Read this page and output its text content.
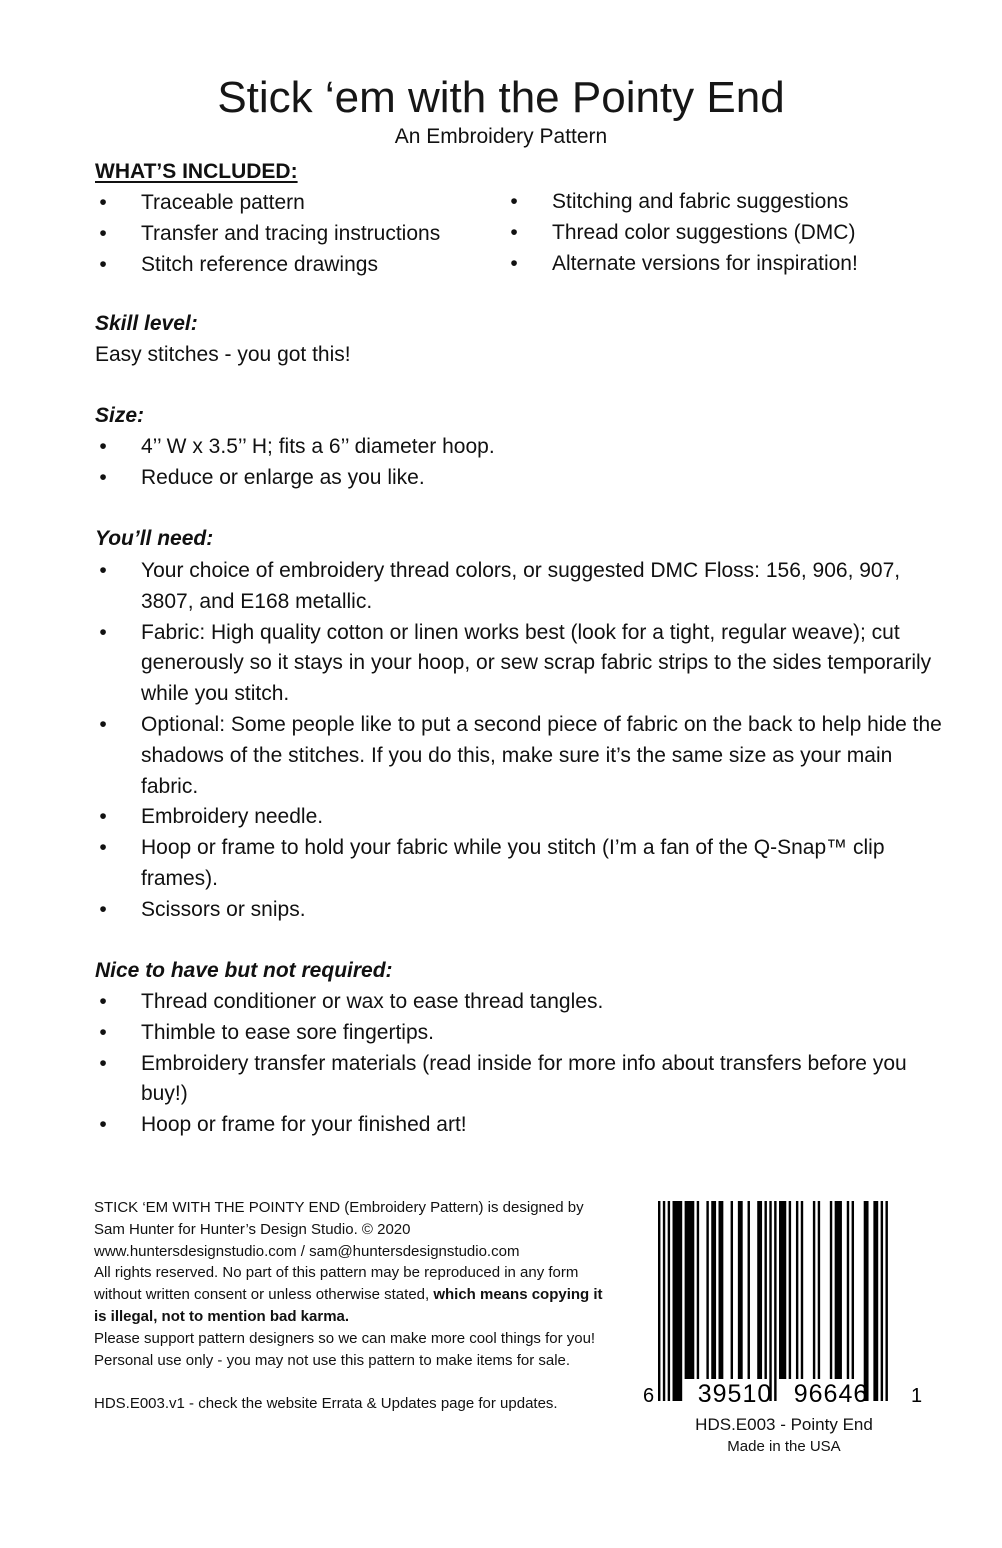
Stick ‘em with the Pointy End
An Embroidery Pattern
WHAT’S INCLUDED:
• Traceable pattern
• Transfer and tracing instructions
• Stitch reference drawings
• Stitching and fabric suggestions
• Thread color suggestions (DMC)
• Alternate versions for inspiration!
Skill level:
Easy stitches - you got this!
Size:
• 4’’ W x 3.5’’ H; fits a 6’’ diameter hoop.
• Reduce or enlarge as you like.
You’ll need:
• Your choice of embroidery thread colors, or suggested DMC Floss: 156, 906, 907, 3807, and E168 metallic.
• Fabric: High quality cotton or linen works best (look for a tight, regular weave); cut generously so it stays in your hoop, or sew scrap fabric strips to the sides temporarily while you stitch.
• Optional: Some people like to put a second piece of fabric on the back to help hide the shadows of the stitches. If you do this, make sure it’s the same size as your main fabric.
• Embroidery needle.
• Hoop or frame to hold your fabric while you stitch (I’m a fan of the Q-Snap™ clip frames).
• Scissors or snips.
Nice to have but not required:
• Thread conditioner or wax to ease thread tangles.
• Thimble to ease sore fingertips.
• Embroidery transfer materials (read inside for more info about transfers before you buy!)
• Hoop or frame for your finished art!

STICK ‘EM WITH THE POINTY END (Embroidery Pattern) is designed by Sam Hunter for Hunter’s Design Studio. © 2020

www.huntersdesignstudio.com / sam@huntersdesignstudio.com

All rights reserved. No part of this pattern may be reproduced in any form without written consent or unless otherwise stated, which means copying it is illegal, not to mention bad karma.

Please support pattern designers so we can make more cool things for you!

Personal use only - you may not use this pattern to make items for sale.

HDS.E003.v1 - check the website Errata & Updates page for updates.	6 39510 96646 1
HDS.E003 - Pointy End
Made in the USA
